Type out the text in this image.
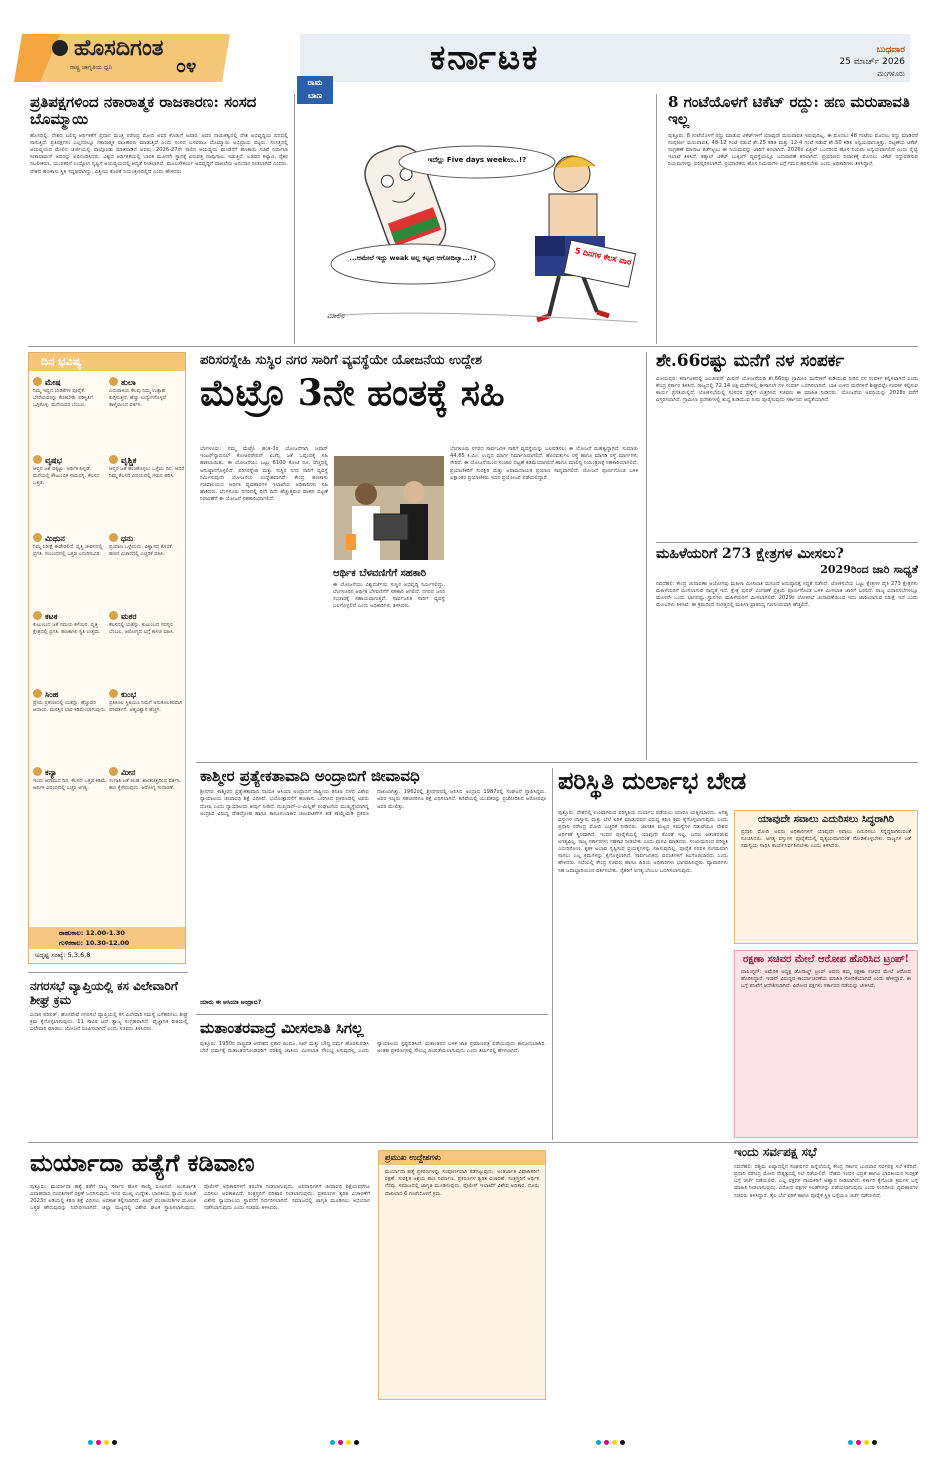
ಹೊಸದಿಗಂತ
೦೪
ರಾಷ್ಟ್ರ ಜಾಗೃತಿಯ ಧ್ವನಿ	ಕರ್ನಾಟಕ	ಬುಧವಾರ
25 ಮಾರ್ಚ್ 2026
ಮಂಗಳೂರು
ಪ್ರತಿಪಕ್ಷಗಳಿಂದ ನಕಾರಾತ್ಮಕ ರಾಜಕಾರಣ: ಸಂಸದ ಬೊಮ್ಮಾಯಿ
ಹೊಸದಿಲ್ಲಿ: ದೇಶದ ಬಲಿಷ್ಠ ಆರ್ಥಿಕತೆಗೆ ಪ್ರಧಾನ ಮಂತ್ರಿ ನರೇಂದ್ರ ಮೋದಿ ಅವರ ಕೊಡುಗೆ ಅಪಾರ. ಅವರ ನಾಯಕತ್ವದಲ್ಲಿ ದೇಶ ಅಭಿವೃದ್ಧಿಯ ಪಥದಲ್ಲಿ ಸಾಗುತ್ತಿದೆ. ಪ್ರತಿಪಕ್ಷಗಳು ಎಲ್ಲದರಲ್ಲೂ ನಕಾರಾತ್ಮಕ ರಾಜಕಾರಣ ಮಾಡುತ್ತಿವೆ ಎಂದು ಸಂಸದ ಬಸವರಾಜ ಬೊಮ್ಮಾಯಿ ಅಭಿಪ್ರಾಯ ಪಟ್ಟರು. ಸಂಸತ್ತಿನಲ್ಲಿ ಆಯವ್ಯಯದ ಮೇಲಿನ ಚರ್ಚೆಯಲ್ಲಿ ಪಾಲ್ಗೊಂಡು ಮಾತನಾಡಿದ ಅವರು, 2026-27ನೇ ಸಾಲಿನ ಆಯವ್ಯಯ ಮಂಡನೆಗೆ ಹಣಕಾಸು ಸಚಿವೆ ನಿರ್ಮಲಾ ಸೀತಾರಾಮನ್ ಅವರನ್ನು ಅಭಿನಂದಿಸಿದರು. ವಿಶ್ವದ ಆರ್ಥಿಕತೆಯಲ್ಲಿ ಭಾರತ ಮೂರನೇ ಸ್ಥಾನಕ್ಕೆ ಏರುವತ್ತ ದಾಪುಗಾಲು ಇಡುತ್ತಿದೆ. ಬಡವರ ಕಲ್ಯಾಣ, ರೈತರ ಸಬಲೀಕರಣ, ಯುವಕರಿಗೆ ಉದ್ಯೋಗ ಸೃಷ್ಟಿಗೆ ಆಯವ್ಯಯದಲ್ಲಿ ಆದ್ಯತೆ ನೀಡಲಾಗಿದೆ. ಮೂಲಸೌಕರ್ಯ ಅಭಿವೃದ್ಧಿಗೆ ದಾಖಲೆಯ ಅನುದಾನ ನೀಡಲಾಗಿದೆ ಎಂದರು. ದೇಶದ ಹಣಕಾಸು ಸ್ಥಿತಿ ಸದೃಢವಾಗಿದ್ದು, ವಿತ್ತೀಯ ಕೊರತೆ ನಿಯಂತ್ರಣದಲ್ಲಿದೆ ಎಂದು ಹೇಳಿದರು.
ರಾಮ
ಬಾಣ
ಇದೆಲ್ಲು Five days weekಉ..!?
...ಆಮೇಲೆ ಇದ್ದು weak ಅಲ್ಲ ಕಟ್ಟದ ಆಗೋದಿಲ್ವಾ...!?	5 ದಿನಗಳ ಕೆಲಸ ವಾರ
ಮಾಲಿನ
8 ಗಂಟೆಯೊಳಗೆ ಟಿಕೆಟ್ ರದ್ದು: ಹಣ ಮರುಪಾವತಿ ಇಲ್ಲ
ಪುತ್ತೂರು: 8 ಗಂಟೆಯೊಳಗೆ ರದ್ದು ಮಾಡುವ ಟಿಕೆಟ್‌ಗಳಿಗೆ ಯಾವುದೇ ಮರುಪಾವತಿ ಇರುವುದಿಲ್ಲ. ಈ ಮೊದಲು 48 ಗಂಟೆಯ ಮೊದಲು ರದ್ದು ಮಾಡಿದರೆ ಸಂಪೂರ್ಣ ಮರುಪಾವತಿ, 48-12 ಗಂಟೆ ನಡುವೆ ಶೇ.25 ಕಡಿತ ಮತ್ತು 12-4 ಗಂಟೆ ನಡುವೆ ಶೇ.50 ಕಡಿತ ಅನ್ವಯವಾಗುತ್ತಿತ್ತು. ದಟ್ಟಣೆಯ ಟಿಕೆಟ್ ಸಂಗ್ರಹಣೆ ಮಾರಾಟ ತಡೆಗಟ್ಟಲು ಈ ನಿಯಮವನ್ನು ಜಾರಿಗೆ ತರಲಾಗಿದೆ. 2026ರ ಏಪ್ರಿಲ್ ಒಂದರಿಂದ ಹೊಸ ನಿಯಮ ಅನ್ವಯವಾಗಲಿದೆ ಎಂದು ರೈಲ್ವೆ ಇಲಾಖೆ ತಿಳಿಸಿದೆ. ತತ್ಕಾಲ್ ಟಿಕೆಟ್ ಬುಕ್ಕಿಂಗ್ ವ್ಯವಸ್ಥೆಯಲ್ಲೂ ಬದಲಾವಣೆ ತರಲಾಗಿದೆ. ಪ್ರಯಾಣದ ದಿನಾಂಕಕ್ಕೆ ಮೊದಲು ಟಿಕೆಟ್ ರದ್ದುಪಡಿಸುವ ನಿಯಮಗಳನ್ನು ಪರಿಷ್ಕರಿಸಲಾಗಿದೆ. ಪ್ರಯಾಣಿಕರು ಹೊಸ ನಿಯಮಗಳ ಬಗ್ಗೆ ಗಮನ ಹರಿಸಬೇಕು ಎಂದು ಅಧಿಕಾರಿಗಳು ತಿಳಿಸಿದ್ದಾರೆ.
ದಿನ ಭವಿಷ್ಯ
ಮೇಷ
ನಿಮ್ಮ ಇಷ್ಟದ ಬೇಡಿಕೆಗಳ ಪೂರೈಕೆ. ಬೇರೆಯವರನ್ನು ಕೆಣಕಬೇಡಿ. ಪರಿಸ್ಥಿತಿಗೆ ಒಗ್ಗಿಕೊಳ್ಳಿ. ಮನೆಯವರ ಬೆಂಬಲ.
ತುಲಾ
ಎದುರಾಳಿಯ ಕೆಲವು ನಿಮ್ಮ ಉತ್ಸಾಹ ಕುಗ್ಗಿಸುತ್ತದೆ. ಹೆಚ್ಚು ಉದ್ವೇಗಗೊಳ್ಳದೆ ತಾಳ್ಮೆಯಿಂದ ವರ್ತಿಸಿ.
ವೃಷಭ
ಆಪ್ತರ ಜತೆ ಬಿಕ್ಕಟ್ಟು. ಆರ್ಥಿಕ ಹಿನ್ನಡೆ. ಮನೆಯಲ್ಲಿ ಕೌಟುಂಬಿಕ ಸಾಮರಸ್ಯ. ಕೆಲಸದ ಒತ್ತಡ.
ವೃಶ್ಚಿಕ
ಆಪ್ತರ ಜತೆ ಹಂಚಿಕೊಳ್ಳಲು ಒಳ್ಳೆಯ ದಿನ. ಆದರೆ ನಿಮ್ಮ ಕೆಲಸದ ವಿಷಯದಲ್ಲಿ ಗಮನ ಹರಿಸಿ.
ಮಿಥುನ
ನಿಮ್ಮ ನಿರೀಕ್ಷೆ ಈಡೇರಲಿದೆ. ವೃತ್ತಿ ಜೀವನದಲ್ಲಿ ಪ್ರಗತಿ. ಸಂಬಂಧದಲ್ಲಿ ಒತ್ತಡ ಎದುರಿಸುವಿರಿ.
ಧನು
ಪ್ರಯಾಣ ಒಳ್ಳೆಯದು. ವಿಶ್ವಾಸದ ಕೊರತೆ. ಹಣದ ವಿಚಾರದಲ್ಲಿ ಎಚ್ಚರಿಕೆ ವಹಿಸಿ.
ಕಟಕ
ಕುಟುಂಬದ ಜತೆ ಸಮಯ ಕಳೆಯಿರಿ. ವೃತ್ತಿ ಕ್ಷೇತ್ರದಲ್ಲಿ ಪ್ರಗತಿ. ಹಣಕಾಸಿನ ಸ್ಥಿತಿ ಉತ್ತಮ.
ಮಕರ
ಕೆಲಸದಲ್ಲಿ ಯಶಸ್ಸು. ಕುಟುಂಬದ ಸದಸ್ಯರ ಬೆಂಬಲ. ಆರೋಗ್ಯದ ಬಗ್ಗೆ ಕಾಳಜಿ ವಹಿಸಿ.
ಸಿಂಹ
ಪ್ರೇಮ ಪ್ರಕರಣದಲ್ಲಿ ಯಶಸ್ಸು. ಹೆಚ್ಚುವರಿ ಆದಾಯ. ಮನಸ್ಸಿನ ಭಾರ ಕಡಿಮೆಯಾಗುವುದು.
ಕುಂಭ
ಪ್ರತಿಕೂಲ ಸ್ಥಿತಿಯೂ ನಿಮಗೆ ಅನುಕೂಲಕರವಾಗಿ ಪರಿವರ್ತನೆ. ಆತ್ಮವಿಶ್ವಾಸ ಹೆಚ್ಚಳ.
ಕನ್ಯಾ
ಇಂದು ಆರಾಮದ ದಿನ. ಕೆಲಸದ ಒತ್ತಡ ಕಡಿಮೆ. ಆರ್ಥಿಕ ವಿಷಯದಲ್ಲಿ ಎಚ್ಚರ ಅಗತ್ಯ.
ಮೀನ
ಸಂಗಾತಿ ಜತೆ ಕಲಹ. ಶಾಂತಚಿತ್ತದಿಂದ ವರ್ತಿಸಿ. ಹಣ ಕೈಸೇರುವುದು. ಆರೋಗ್ಯ ಸುಧಾರಣೆ.
ರಾಹುಕಾಲ: 12.00-1.30
ಗುಳಿಕಕಾಲ: 10.30-12.00
ಅದೃಷ್ಟ ಸಂಖ್ಯೆ: 5,3,6,8
ಪರಿಸರಸ್ನೇಹಿ ಸುಸ್ಥಿರ ನಗರ ಸಾರಿಗೆ ವ್ಯವಸ್ಥೆಯೇ ಯೋಜನೆಯ ಉದ್ದೇಶ
ಮೆಟ್ರೊ 3ನೇ ಹಂತಕ್ಕೆ ಸಹಿ
ಬೆಂಗಳೂರು: ನಮ್ಮ ಮೆಟ್ರೊ ಹಂತ-3ರ ಯೋಜನೆಗಾಗಿ ಜಪಾನ್ ಇಂಟರ್‌ನ್ಯಾಷನಲ್ ಕೋಆಪರೇಷನ್ ಏಜೆನ್ಸಿ ಜತೆ ಒಪ್ಪಂದಕ್ಕೆ ಸಹಿ ಹಾಕಲಾಯಿತು. ಈ ಯೋಜನೆಯು ಒಟ್ಟು 6100 ಕೋಟಿ ರೂ. ವೆಚ್ಚದಲ್ಲಿ ಅನುಷ್ಠಾನಗೊಳ್ಳಲಿದೆ. ಪರಿಸರಸ್ನೇಹಿ ಮತ್ತು ಸುಸ್ಥಿರ ನಗರ ಸಾರಿಗೆ ವ್ಯವಸ್ಥೆ ನಿರ್ಮಿಸುವುದೇ ಯೋಜನೆಯ ಉದ್ದೇಶವಾಗಿದೆ. ಕೇಂದ್ರ ಹಣಕಾಸು ಸಚಿವಾಲಯದ ಆರ್ಥಿಕ ವ್ಯವಹಾರಗಳ ಇಲಾಖೆಯ ಅಧಿಕಾರಿಗಳು ಸಹಿ ಹಾಕಿದರು. ಬೆಂಗಳೂರು ನಗರದಲ್ಲಿ ದಿನೇ ದಿನೇ ಹೆಚ್ಚುತ್ತಿರುವ ವಾಹನ ದಟ್ಟಣೆ ನಿವಾರಣೆಗೆ ಈ ಯೋಜನೆ ಸಹಕಾರಿಯಾಗಲಿದೆ.
ಆರ್ಥಿಕ ಬೆಳವಣಿಗೆಗೆ ಸಹಕಾರಿ
ಈ ಯೋಜನೆಯು ವಿಶ್ವದರ್ಜೆಯ ಸುಸ್ಥಿರ ಅಭಿವೃದ್ಧಿ ನಿರ್ಮಿಸಲಿದ್ದು, ಬೆಂಗಳೂರಿನ ಆರ್ಥಿಕ ಬೆಳವಣಿಗೆಗೆ ಸಹಕಾರಿ ಆಗಲಿದೆ. ನಗರದ ಜನರ ಸಂಚಾರಕ್ಕೆ ಸಹಾಯವಾಗುತ್ತದೆ. ಸಾರ್ವಜನಿಕ ಸಾರಿಗೆ ವ್ಯವಸ್ಥೆ ಬಲಗೊಳ್ಳಲಿದೆ ಎಂದು ಅಧಿಕಾರಿಗಳು ತಿಳಿಸಿದರು.
ಬೆಂಗಳೂರು ನಗರದ ಸಾರ್ವಜನಿಕ ಸಾರಿಗೆ ವ್ಯವಸ್ಥೆಯನ್ನು ಬಲಪಡಿಸಲು ಈ ಯೋಜನೆ ಮಹತ್ವದ್ದಾಗಿದೆ. ಸುಮಾರು 44.65 ಕಿ.ಮೀ. ಉದ್ದದ ಮಾರ್ಗ ನಿರ್ಮಾಣವಾಗಲಿದೆ. ಹೊರವರ್ತುಲ ರಸ್ತೆ ಹಾಗೂ ಮಾಗಡಿ ರಸ್ತೆ ಮಾರ್ಗಗಳು ಸೇರಿವೆ. ಈ ಯೋಜನೆಯಿಂದ ಸಂಚಾರ ದಟ್ಟಣೆ ಕಡಿಮೆಯಾಗಲಿದೆ ಹಾಗೂ ಮಾಲಿನ್ಯ ನಿಯಂತ್ರಣಕ್ಕೆ ಸಹಕಾರಿಯಾಗಲಿದೆ. ಪ್ರಯಾಣಿಕರಿಗೆ ಸುರಕ್ಷಿತ ಮತ್ತು ಆರಾಮದಾಯಕ ಪ್ರಯಾಣ ಸಾಧ್ಯವಾಗಲಿದೆ. ಯೋಜನೆ ಪೂರ್ಣಗೊಂಡ ಬಳಿಕ ಲಕ್ಷಾಂತರ ಪ್ರಯಾಣಿಕರು ಇದರ ಪ್ರಯೋಜನ ಪಡೆಯಲಿದ್ದಾರೆ.
ಶೇ.66ರಷ್ಟು ಮನೆಗೆ ನಳ ಸಂಪರ್ಕ
ವಿಜಯಪುರ: ಕರ್ನಾಟಕದಲ್ಲಿ ಜಲಜೀವನ್ ಮಿಷನ್ ಯೋಜನೆಯಡಿ ಶೇ.66ರಷ್ಟು ಗ್ರಾಮೀಣ ಮನೆಗಳಿಗೆ ಕುಡಿಯುವ ನೀರಿನ ನಳ ಸಂಪರ್ಕ ಕಲ್ಪಿಸಲಾಗಿದೆ ಎಂದು ಕೇಂದ್ರ ಸರ್ಕಾರ ತಿಳಿಸಿದೆ. ರಾಜ್ಯದಲ್ಲಿ 72.14 ಲಕ್ಷ ಮನೆಗಳಲ್ಲಿ ಈಗಾಗಲೇ ನಳ ಸಂಪರ್ಕ ಒದಗಿಸಲಾಗಿದೆ. ಬಾಕಿ ಉಳಿದ ಮನೆಗಳಿಗೆ ಶೀಘ್ರದಲ್ಲೇ ಸಂಪರ್ಕ ಕಲ್ಪಿಸುವ ಕಾರ್ಯ ಪ್ರಗತಿಯಲ್ಲಿದೆ. ಲೋಕಸಭೆಯಲ್ಲಿ ಸಂಸದರ ಪ್ರಶ್ನೆಗೆ ಉತ್ತರಿಸಿದ ಸಚಿವರು ಈ ಮಾಹಿತಿ ನೀಡಿದರು. ಯೋಜನೆಯ ಅವಧಿಯನ್ನು 2028ರ ವರೆಗೆ ವಿಸ್ತರಿಸಲಾಗಿದೆ. ಗ್ರಾಮೀಣ ಪ್ರದೇಶಗಳಲ್ಲಿ ಶುದ್ಧ ಕುಡಿಯುವ ನೀರು ಪೂರೈಸುವುದು ಸರ್ಕಾರದ ಆದ್ಯತೆಯಾಗಿದೆ.
ಮಹಿಳೆಯರಿಗೆ 273 ಕ್ಷೇತ್ರಗಳ ಮೀಸಲು?
2029ರಿಂದ ಜಾರಿ ಸಾಧ್ಯತೆ
ನವದೆಹಲಿ: ಕೇಂದ್ರ ಚುನಾವಣಾ ಆಯೋಗವು ಮಹಿಳಾ ಮೀಸಲಾತಿ ಮಸೂದೆ ಅನುಷ್ಠಾನಕ್ಕೆ ಸಿದ್ಧತೆ ನಡೆಸಿದೆ. ಲೋಕಸಭೆಯ ಒಟ್ಟು ಕ್ಷೇತ್ರಗಳ ಪೈಕಿ 273 ಕ್ಷೇತ್ರಗಳು ಮಹಿಳೆಯರಿಗೆ ಮೀಸಲಾಗುವ ಸಾಧ್ಯತೆ ಇದೆ. ಕ್ಷೇತ್ರ ಪುನರ್ ವಿಂಗಡಣೆ ಪ್ರಕ್ರಿಯೆ ಪೂರ್ಣಗೊಂಡ ಬಳಿಕ ಮೀಸಲಾತಿ ಜಾರಿಗೆ ಬರಲಿದೆ. ರಾಜ್ಯ ವಿಧಾನಸಭೆಗಳಲ್ಲೂ ಮೂರನೇ ಒಂದು ಭಾಗದಷ್ಟು ಸ್ಥಾನಗಳು ಮಹಿಳೆಯರಿಗೆ ಮೀಸಲಾಗಲಿವೆ. 2029ರ ಲೋಕಸಭೆ ಚುನಾವಣೆಯಿಂದ ಇದು ಜಾರಿಯಾಗುವ ನಿರೀಕ್ಷೆ ಇದೆ ಎಂದು ಮೂಲಗಳು ತಿಳಿಸಿವೆ. ಈ ಕ್ರಮದಿಂದ ಸಂಸತ್ತಿನಲ್ಲಿ ಮಹಿಳಾ ಪ್ರಾತಿನಿಧ್ಯ ಗಣನೀಯವಾಗಿ ಹೆಚ್ಚಲಿದೆ.
ಕಾಶ್ಮೀರ ಪ್ರತ್ಯೇಕತಾವಾದಿ ಅಂದ್ರಾಬಿಗೆ ಜೀವಾವಧಿ
ಶ್ರೀನಗರ: ಕಾಶ್ಮೀರದ ಪ್ರತ್ಯೇಕತಾವಾದಿ ನಾಯಕಿ ಆಸಿಯಾ ಅಂದ್ರಾಬಿಗೆ ರಾಷ್ಟ್ರೀಯ ತನಿಖಾ ದಳದ ವಿಶೇಷ ನ್ಯಾಯಾಲಯ ಜೀವಾವಧಿ ಶಿಕ್ಷೆ ವಿಧಿಸಿದೆ. ಭಯೋತ್ಪಾದನೆಗೆ ಹಣಕಾಸು ಒದಗಿಸಿದ ಪ್ರಕರಣದಲ್ಲಿ ಅವರು ದೋಷಿ ಎಂದು ನ್ಯಾಯಾಲಯ ತೀರ್ಪು ನೀಡಿದೆ. ದುಖ್ತರಾನ್-ಎ-ಮಿಲ್ಲತ್ ಸಂಘಟನೆಯ ಮುಖ್ಯಸ್ಥೆಯಾಗಿದ್ದ ಅಂದ್ರಾಬಿ ವಿರುದ್ಧ ದೇಶದ್ರೋಹ ಹಾಗೂ ಕಾನೂನುಬಾಹಿರ ಚಟುವಟಿಕೆಗಳ ತಡೆ ಕಾಯ್ದೆಯಡಿ ಪ್ರಕರಣ ದಾಖಲಾಗಿತ್ತು. 1962ರಲ್ಲಿ ಶ್ರೀನಗರದಲ್ಲಿ ಜನಿಸಿದ ಅಂದ್ರಾಬಿ 1987ರಲ್ಲಿ ಸಂಘಟನೆ ಸ್ಥಾಪಿಸಿದ್ದರು. ಅವರ ಇಬ್ಬರು ಸಹಚರರಿಗೂ ಶಿಕ್ಷೆ ವಿಧಿಸಲಾಗಿದೆ. ಕಣಿವೆಯಲ್ಲಿ ಯುವಕರನ್ನು ಪ್ರಚೋದಿಸಿದ ಆರೋಪವೂ ಅವರ ಮೇಲಿತ್ತು.
ಯಾರು ಈ ಆಸಿಯಾ ಅಂದ್ರಾಬಿ?
ಪರಿಸ್ಥಿತಿ ದುರ್ಲಾಭ ಬೇಡ
ಪುತ್ತೂರು: ದೇಶದಲ್ಲಿ ಉಂಟಾಗಿರುವ ಪರಿಸ್ಥಿತಿಯ ದುರ್ಲಾಭ ಪಡೆಯಲು ಯಾರೂ ಯತ್ನಿಸಬಾರದು. ಅಗತ್ಯ ವಸ್ತುಗಳ ದಾಸ್ತಾನು ಮತ್ತು ಬೆಲೆ ಏರಿಕೆ ಮಾಡುವವರ ವಿರುದ್ಧ ಕಠಿಣ ಕ್ರಮ ಕೈಗೊಳ್ಳಲಾಗುವುದು ಎಂದು ಪ್ರಧಾನಿ ನರೇಂದ್ರ ಮೋದಿ ಎಚ್ಚರಿಕೆ ನೀಡಿದರು. ಜಾಗತಿಕ ಮಟ್ಟದ ಸಮಸ್ಯೆಗಳ ನಡುವೆಯೂ ದೇಶದ ಆರ್ಥಿಕತೆ ಸ್ಥಿರವಾಗಿದೆ. ಇಂಧನ ಪೂರೈಕೆಯಲ್ಲಿ ಯಾವುದೇ ಕೊರತೆ ಇಲ್ಲ. ಜನರು ಆತಂಕಪಡುವ ಅಗತ್ಯವಿಲ್ಲ. ರಾಜ್ಯ ಸರ್ಕಾರಗಳು ಸಹಕಾರ ನೀಡಬೇಕು ಎಂದು ಮನವಿ ಮಾಡಿದರು. ಸಂಯಮದಿಂದ ಪರಿಸ್ಥಿತಿ ಎದುರಿಸೋಣ. ಕೃತಕ ಅಭಾವ ಸೃಷ್ಟಿಸುವ ಪ್ರಯತ್ನಗಳನ್ನು ಸಹಿಸುವುದಿಲ್ಲ. ಪೂರೈಕೆ ಸರಪಳಿ ಸುಗಮವಾಗಿ ಸಾಗಲು ಎಲ್ಲ ಕ್ರಮಗಳನ್ನು ಕೈಗೊಳ್ಳಲಾಗಿದೆ. ಸಾರ್ವಜನಿಕರು ವದಂತಿಗಳಿಗೆ ಕಿವಿಗೊಡಬಾರದು ಎಂದು ಹೇಳಿದರು. ಸಭೆಯಲ್ಲಿ ಕೇಂದ್ರ ಸಚಿವರು ಹಾಗೂ ಹಿರಿಯ ಅಧಿಕಾರಿಗಳು ಭಾಗವಹಿಸಿದ್ದರು. ವ್ಯಾಪಾರಿಗಳು ಸಹ ಜವಾಬ್ದಾರಿಯಿಂದ ವರ್ತಿಸಬೇಕು. ರೈತರಿಗೆ ಅಗತ್ಯ ಬೆಂಬಲ ಒದಗಿಸಲಾಗುವುದು.
ಯಾವುದೇ ಸವಾಲು ಎದುರಿಸಲು ಸಿದ್ಧರಾಗಿರಿ
ಪ್ರಧಾನಿ ಮೋದಿ ಅವರು ಅಧಿಕಾರಿಗಳಿಗೆ ಯಾವುದೇ ಸವಾಲು ಎದುರಿಸಲು ಸನ್ನದ್ಧರಾಗಿರುವಂತೆ ಸೂಚಿಸಿದರು. ಅಗತ್ಯ ವಸ್ತುಗಳ ಪೂರೈಕೆಯಲ್ಲಿ ವ್ಯತ್ಯಯವಾಗದಂತೆ ನೋಡಿಕೊಳ್ಳಬೇಕು. ರಾಜ್ಯಗಳ ಜತೆ ಸಮನ್ವಯ ಸಾಧಿಸಿ ಕಾರ್ಯನಿರ್ವಹಿಸಬೇಕು ಎಂದು ತಿಳಿಸಿದರು.
ರಕ್ಷಣಾ ಸಚಿವರ ಮೇಲೆ ಆರೋಪ ಹೊರಿಸಿದ ಟ್ರಂಪ್!
ವಾಷಿಂಗ್ಟನ್: ಅಮೆರಿಕ ಅಧ್ಯಕ್ಷ ಡೊನಾಲ್ಡ್ ಟ್ರಂಪ್ ಅವರು ತಮ್ಮ ರಕ್ಷಣಾ ಸಚಿವರ ಮೇಲೆ ಆರೋಪ ಹೊರಿಸಿದ್ದಾರೆ. ಇರಾನ್ ವಿರುದ್ಧದ ಕಾರ್ಯಾಚರಣೆಯ ಮಾಹಿತಿ ಸೋರಿಕೆಯಾಗಿದೆ ಎಂದು ಹೇಳಿದ್ದಾರೆ. ಈ ಬಗ್ಗೆ ತನಿಖೆಗೆ ಆದೇಶಿಸಲಾಗಿದೆ. ವಿರೋಧ ಪಕ್ಷಗಳು ಸರ್ಕಾರದ ನಡೆಯನ್ನು ಟೀಕಿಸಿವೆ.
ನಗರಸಭೆ ವ್ಯಾಪ್ತಿಯಲ್ಲಿ ಕಸ ವಿಲೇವಾರಿಗೆ ಶೀಘ್ರ ಕ್ರಮ
ವಿಧಾನ ಪರಿಷತ್: ಹೊಸಪೇಟೆ ನಗರಸಭೆ ವ್ಯಾಪ್ತಿಯಲ್ಲಿ ಕಸ ವಿಲೇವಾರಿ ಸಮಸ್ಯೆ ಬಗೆಹರಿಸಲು ಶೀಘ್ರ ಕ್ರಮ ಕೈಗೊಳ್ಳಲಾಗುವುದು. 11 ಸಾವಿರ ಟನ್ ತ್ಯಾಜ್ಯ ಸಂಗ್ರಹವಾಗಿದೆ. ವೈಜ್ಞಾನಿಕ ರೀತಿಯಲ್ಲಿ ವಿಲೇವಾರಿ ಮಾಡಲು ಯೋಜನೆ ರೂಪಿಸಲಾಗಿದೆ ಎಂದು ಸಚಿವರು ತಿಳಿಸಿದರು.	ಮತಾಂತರವಾದ್ರೆ ಮೀಸಲಾತಿ ಸಿಗಲ್ಲ
ಪುತ್ತೂರು: 1950ರ ರಾಷ್ಟ್ರಪತಿ ಆದೇಶದ ಪ್ರಕಾರ ಹಿಂದೂ, ಸಿಖ್ ಮತ್ತು ಬೌದ್ಧ ಧರ್ಮ ಹೊರತುಪಡಿಸಿ ಬೇರೆ ಧರ್ಮಕ್ಕೆ ಮತಾಂತರಗೊಂಡವರಿಗೆ ಪರಿಶಿಷ್ಟ ಜಾತಿಯ ಮೀಸಲಾತಿ ಸೌಲಭ್ಯ ಸಿಗುವುದಿಲ್ಲ ಎಂದು ನ್ಯಾಯಾಲಯ ಸ್ಪಷ್ಟಪಡಿಸಿದೆ. ಮತಾಂತರದ ಬಳಿಕ ಜಾತಿ ಪ್ರಮಾಣಪತ್ರ ಪಡೆಯುವುದು ಕಾನೂನುಬಾಹಿರ. ಅಂತಹ ಪ್ರಕರಣಗಳಲ್ಲಿ ಸೌಲಭ್ಯ ಹಿಂಪಡೆಯಲಾಗುವುದು ಎಂದು ತೀರ್ಪಿನಲ್ಲಿ ಹೇಳಲಾಗಿದೆ.
ಮರ್ಯಾದಾ ಹತ್ಯೆಗೆ ಕಡಿವಾಣ
ಪುತ್ತೂರು: ಮರ್ಯಾದಾ ಹತ್ಯೆ ತಡೆಗೆ ರಾಜ್ಯ ಸರ್ಕಾರ ಹೊಸ ಕಾಯ್ದೆ ರೂಪಿಸಿದೆ. ಅಂತರ್ಜಾತಿ ವಿವಾಹವಾದ ದಂಪತಿಗಳಿಗೆ ರಕ್ಷಣೆ ಒದಗಿಸುವುದು ಇದರ ಮುಖ್ಯ ಉದ್ದೇಶ. ಭಾರತೀಯ ನ್ಯಾಯ ಸಂಹಿತೆ 2023ರ ಅಡಿಯಲ್ಲಿ ಕಠಿಣ ಶಿಕ್ಷೆ ವಿಧಿಸಲು ಅವಕಾಶ ಕಲ್ಪಿಸಲಾಗಿದೆ. ಖಾಪ್ ಪಂಚಾಯಿತಿಗಳ ಮೂಲಕ ಒತ್ತಡ ಹೇರುವುದನ್ನು ನಿಷೇಧಿಸಲಾಗಿದೆ. ಜಿಲ್ಲಾ ಮಟ್ಟದಲ್ಲಿ ವಿಶೇಷ ಘಟಕ ಸ್ಥಾಪಿಸಲಾಗುವುದು. ಪೊಲೀಸ್ ಅಧಿಕಾರಿಗಳಿಗೆ ತರಬೇತಿ ನೀಡಲಾಗುವುದು. ಅಪರಾಧಿಗಳಿಗೆ ಜೀವಾವಧಿ ಶಿಕ್ಷೆಯವರೆಗೂ ವಿಧಿಸಲು ಅವಕಾಶವಿದೆ. ಸಂತ್ರಸ್ತರಿಗೆ ಪರಿಹಾರ ನೀಡಲಾಗುವುದು. ಪ್ರಕರಣಗಳ ತ್ವರಿತ ವಿಚಾರಣೆಗೆ ವಿಶೇಷ ನ್ಯಾಯಾಲಯ ಸ್ಥಾಪನೆಗೆ ನಿರ್ಧರಿಸಲಾಗಿದೆ. ಸಮಾಜದಲ್ಲಿ ಜಾಗೃತಿ ಮೂಡಿಸಲು ಅಭಿಯಾನ ನಡೆಸಲಾಗುವುದು ಎಂದು ಸಚಿವರು ತಿಳಿಸಿದರು.
ಪ್ರಮುಖ ಉದ್ದೇಶಗಳು
ಮರ್ಯಾದಾ ಹತ್ಯೆ ಪ್ರಕರಣಗಳನ್ನು ಸಂಪೂರ್ಣವಾಗಿ ತಡೆಗಟ್ಟುವುದು. ಅಂತರ್ಜಾತಿ ವಿವಾಹಿತರಿಗೆ ರಕ್ಷಣೆ. ಸುರಕ್ಷಿತ ಆಶ್ರಯ ತಾಣ ನಿರ್ಮಾಣ. ಪ್ರಕರಣಗಳ ತ್ವರಿತ ವಿಚಾರಣೆ. ಸಂತ್ರಸ್ತರಿಗೆ ಆರ್ಥಿಕ ನೆರವು. ಸಮಾಜದಲ್ಲಿ ಜಾಗೃತಿ ಮೂಡಿಸುವುದು. ಪೊಲೀಸ್ ಇಲಾಖೆಗೆ ವಿಶೇಷ ಅಧಿಕಾರ. ದೂರು ದಾಖಲಾದ 6 ಗಂಟೆಯೊಳಗೆ ಕ್ರಮ.
ಇಂದು ಸರ್ವಪಕ್ಷ ಸಭೆ
ನವದೆಹಲಿ: ಪಶ್ಚಿಮ ಏಷ್ಯಾದಲ್ಲಿನ ಸಂಘರ್ಷದ ಹಿನ್ನೆಲೆಯಲ್ಲಿ ಕೇಂದ್ರ ಸರ್ಕಾರ ಬುಧವಾರ ಸರ್ವಪಕ್ಷ ಸಭೆ ಕರೆದಿದೆ. ಪ್ರಧಾನಿ ನರೇಂದ್ರ ಮೋದಿ ನೇತೃತ್ವದಲ್ಲಿ ಸಭೆ ನಡೆಯಲಿದೆ. ದೇಶದ ಇಂಧನ ಭದ್ರತೆ ಹಾಗೂ ಭಾರತೀಯರ ಸುರಕ್ಷತೆ ಬಗ್ಗೆ ಚರ್ಚೆ ನಡೆಯಲಿದೆ. ಎಲ್ಲ ಪಕ್ಷಗಳ ನಾಯಕರಿಗೆ ಆಹ್ವಾನ ನೀಡಲಾಗಿದೆ. ಸರ್ಕಾರ ಕೈಗೊಂಡ ಕ್ರಮಗಳ ಬಗ್ಗೆ ಮಾಹಿತಿ ನೀಡಲಾಗುವುದು. ವಿರೋಧ ಪಕ್ಷಗಳ ಸಲಹೆಗಳನ್ನು ಪಡೆಯಲಾಗುವುದು ಎಂದು ಸಂಸದೀಯ ವ್ಯವಹಾರಗಳ ಸಚಿವರು ತಿಳಿಸಿದ್ದಾರೆ. ತೈಲ ಬೆಲೆ ಏರಿಕೆ ಹಾಗೂ ಪೂರೈಕೆ ಸ್ಥಿತಿ ಬಗ್ಗೆಯೂ ಚರ್ಚೆ ನಡೆಯಲಿದೆ.
